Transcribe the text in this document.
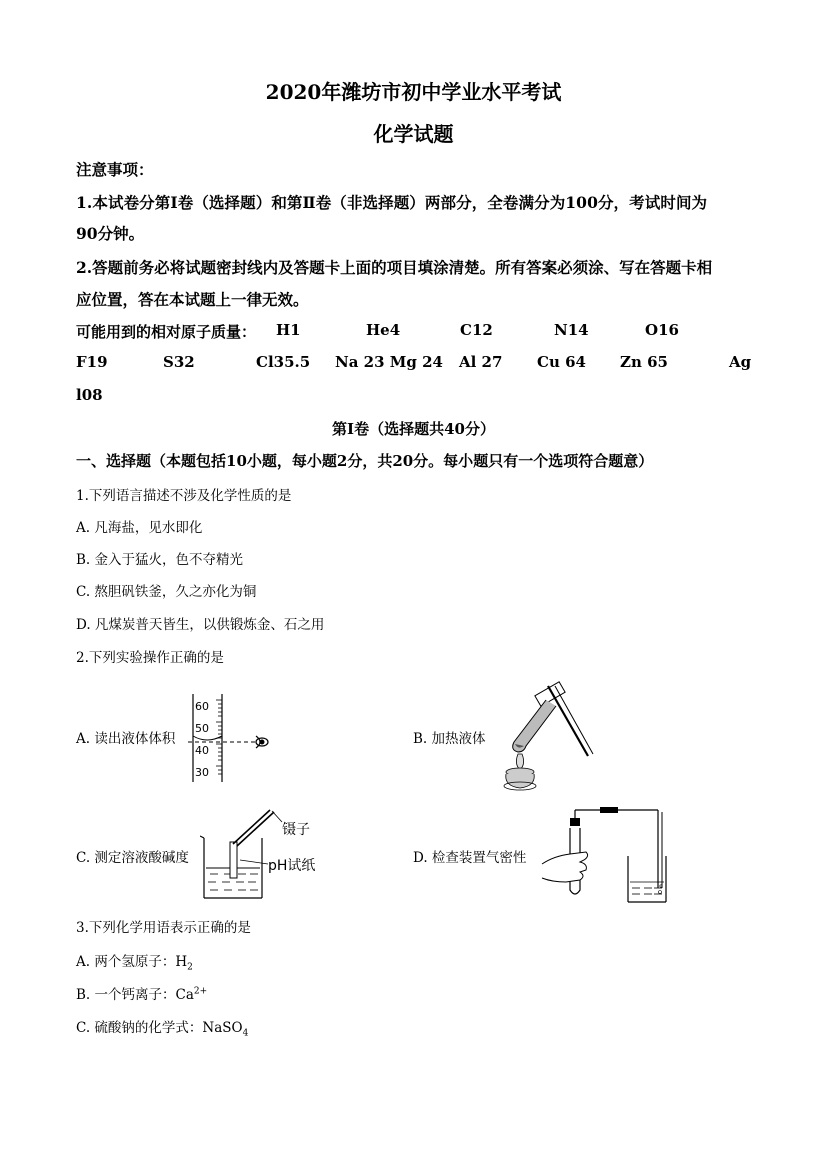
2020年潍坊市初中学业水平考试
化学试题
注意事项：
1.本试卷分第Ⅰ卷（选择题）和第Ⅱ卷（非选择题）两部分，全卷满分为100分，考试时间为
90分钟。
2.答题前务必将试题密封线内及答题卡上面的项目填涂清楚。所有答案必须涂、写在答题卡相
应位置，答在本试题上一律无效。
可能用到的相对原子质量： H1	He4	C12	N14	O16
F19	S32	Cl35.5 Na 23 Mg 24 Al 27 Cu 64 Zn 65	Ag
l08
第I卷（选择题共40分）
一、选择题（本题包括10小题，每小题2分，共20分。每小题只有一个选项符合题意）
1.下列语言描述不涉及化学性质的是
A. 凡海盐，见水即化
B. 金入于猛火，色不夺精光
C. 熬胆矾铁釜，久之亦化为铜
D. 凡煤炭普天皆生，以供锻炼金、石之用
2.下列实验操作正确的是
A. 读出液体体积
60
50
40
30
B. 加热液体
C. 测定溶液酸碱度
镊子
pH试纸	D. 检查装置气密性
3.下列化学用语表示正确的是
A. 两个氢原子：$H_2$
B. 一个钙离子：$Ca^{2+}$
C. 硫酸钠的化学式：NaSO$_4$
